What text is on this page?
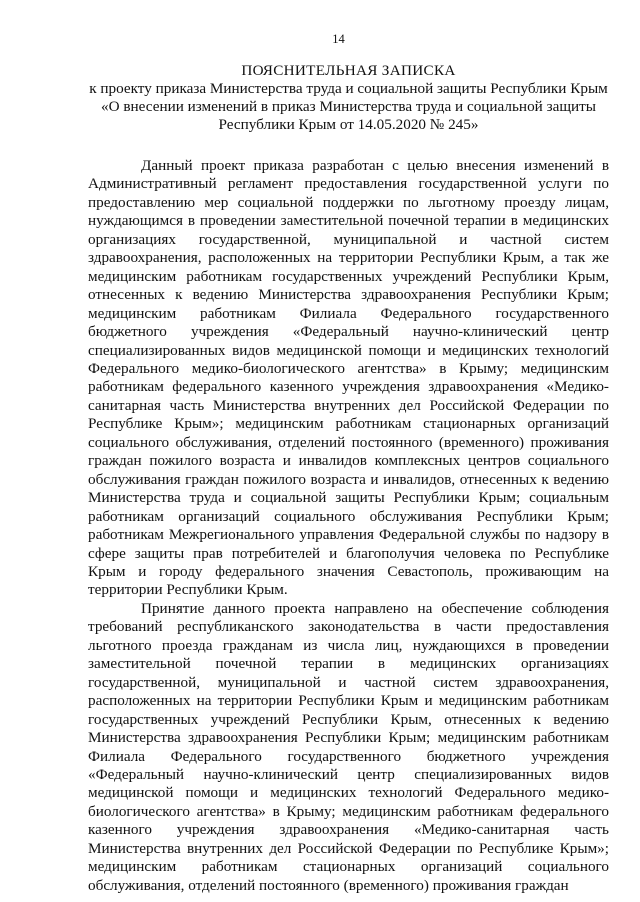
14
ПОЯСНИТЕЛЬНАЯ ЗАПИСКА
к проекту приказа Министерства труда и социальной защиты Республики Крым
«О внесении изменений в приказ Министерства труда и социальной защиты
Республики Крым от 14.05.2020 № 245»

Данный проект приказа разработан с целью внесения изменений в Административный регламент предоставления государственной услуги по предоставлению мер социальной поддержки по льготному проезду лицам, нуждающимся в проведении заместительной почечной терапии в медицинских организациях государственной, муниципальной и частной систем здравоохранения, расположенных на территории Республики Крым, а так же медицинским работникам государственных учреждений Республики Крым, отнесенных к ведению Министерства здравоохранения Республики Крым; медицинским работникам Филиала Федерального государственного бюджетного учреждения «Федеральный научно-клинический центр специализированных видов медицинской помощи и медицинских технологий Федерального медико-биологического агентства» в Крыму; медицинским работникам федерального казенного учреждения здравоохранения «Медико-санитарная часть Министерства внутренних дел Российской Федерации по Республике Крым»; медицинским работникам стационарных организаций социального обслуживания, отделений постоянного (временного) проживания граждан пожилого возраста и инвалидов комплексных центров социального обслуживания граждан пожилого возраста и инвалидов, отнесенных к ведению Министерства труда и социальной защиты Республики Крым; социальным работникам организаций социального обслуживания Республики Крым; работникам Межрегионального управления Федеральной службы по надзору в сфере защиты прав потребителей и благополучия человека по Республике Крым и городу федерального значения Севастополь, проживающим на территории Республики Крым.

Принятие данного проекта направлено на обеспечение соблюдения требований республиканского законодательства в части предоставления льготного проезда гражданам из числа лиц, нуждающихся в проведении заместительной почечной терапии в медицинских организациях государственной, муниципальной и частной систем здравоохранения, расположенных на территории Республики Крым и медицинским работникам государственных учреждений Республики Крым, отнесенных к ведению Министерства здравоохранения Республики Крым; медицинским работникам Филиала Федерального государственного бюджетного учреждения «Федеральный научно-клинический центр специализированных видов медицинской помощи и медицинских технологий Федерального медико-биологического агентства» в Крыму; медицинским работникам федерального казенного учреждения здравоохранения «Медико-санитарная часть Министерства внутренних дел Российской Федерации по Республике Крым»; медицинским работникам стационарных организаций социального обслуживания, отделений постоянного (временного) проживания граждан
